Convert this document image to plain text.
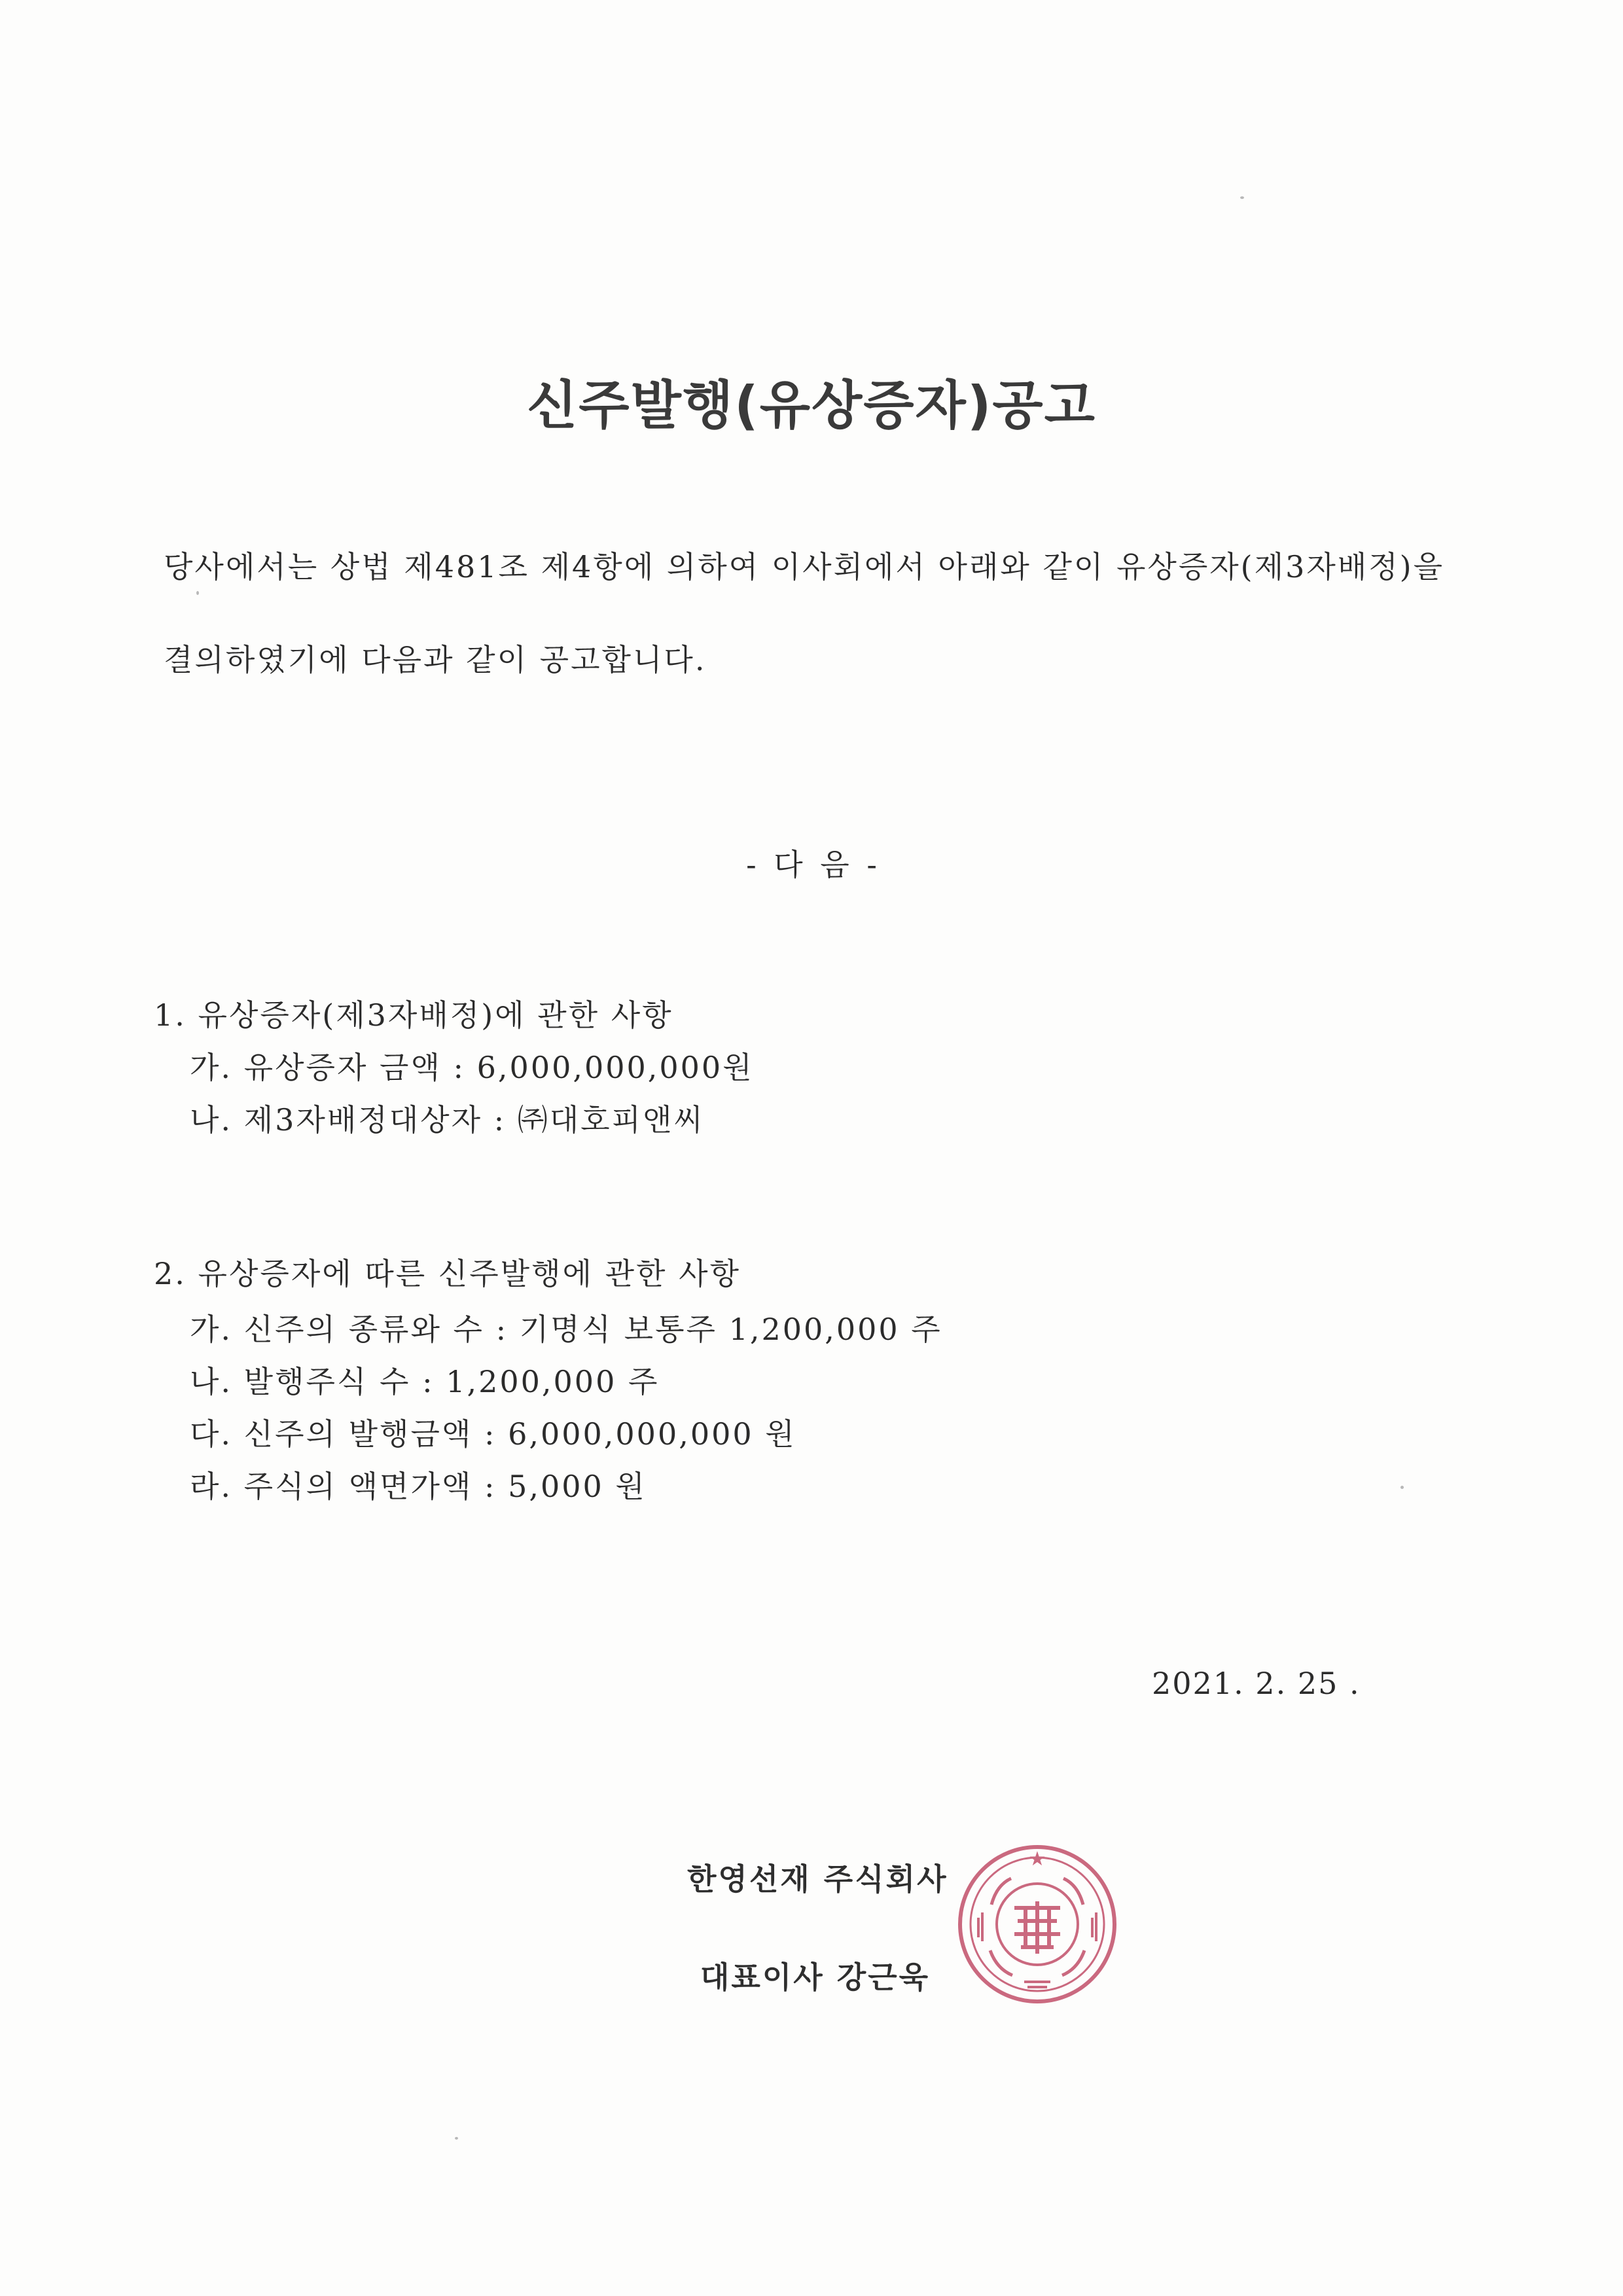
신주발행(유상증자)공고
당사에서는 상법 제481조 제4항에 의하여 이사회에서 아래와 같이 유상증자(제3자배정)을
결의하였기에 다음과 같이 공고합니다.
- 다 음 -
1. 유상증자(제3자배정)에 관한 사항
가. 유상증자 금액 : 6,000,000,000원
나. 제3자배정대상자 : ㈜대호피앤씨
2. 유상증자에 따른 신주발행에 관한 사항
가. 신주의 종류와 수 : 기명식 보통주 1,200,000 주
나. 발행주식 수 : 1,200,000 주
다. 신주의 발행금액 : 6,000,000,000 원
라. 주식의 액면가액 : 5,000 원
2021. 2. 25 .
한영선재 주식회사
대표이사 강근욱
★
